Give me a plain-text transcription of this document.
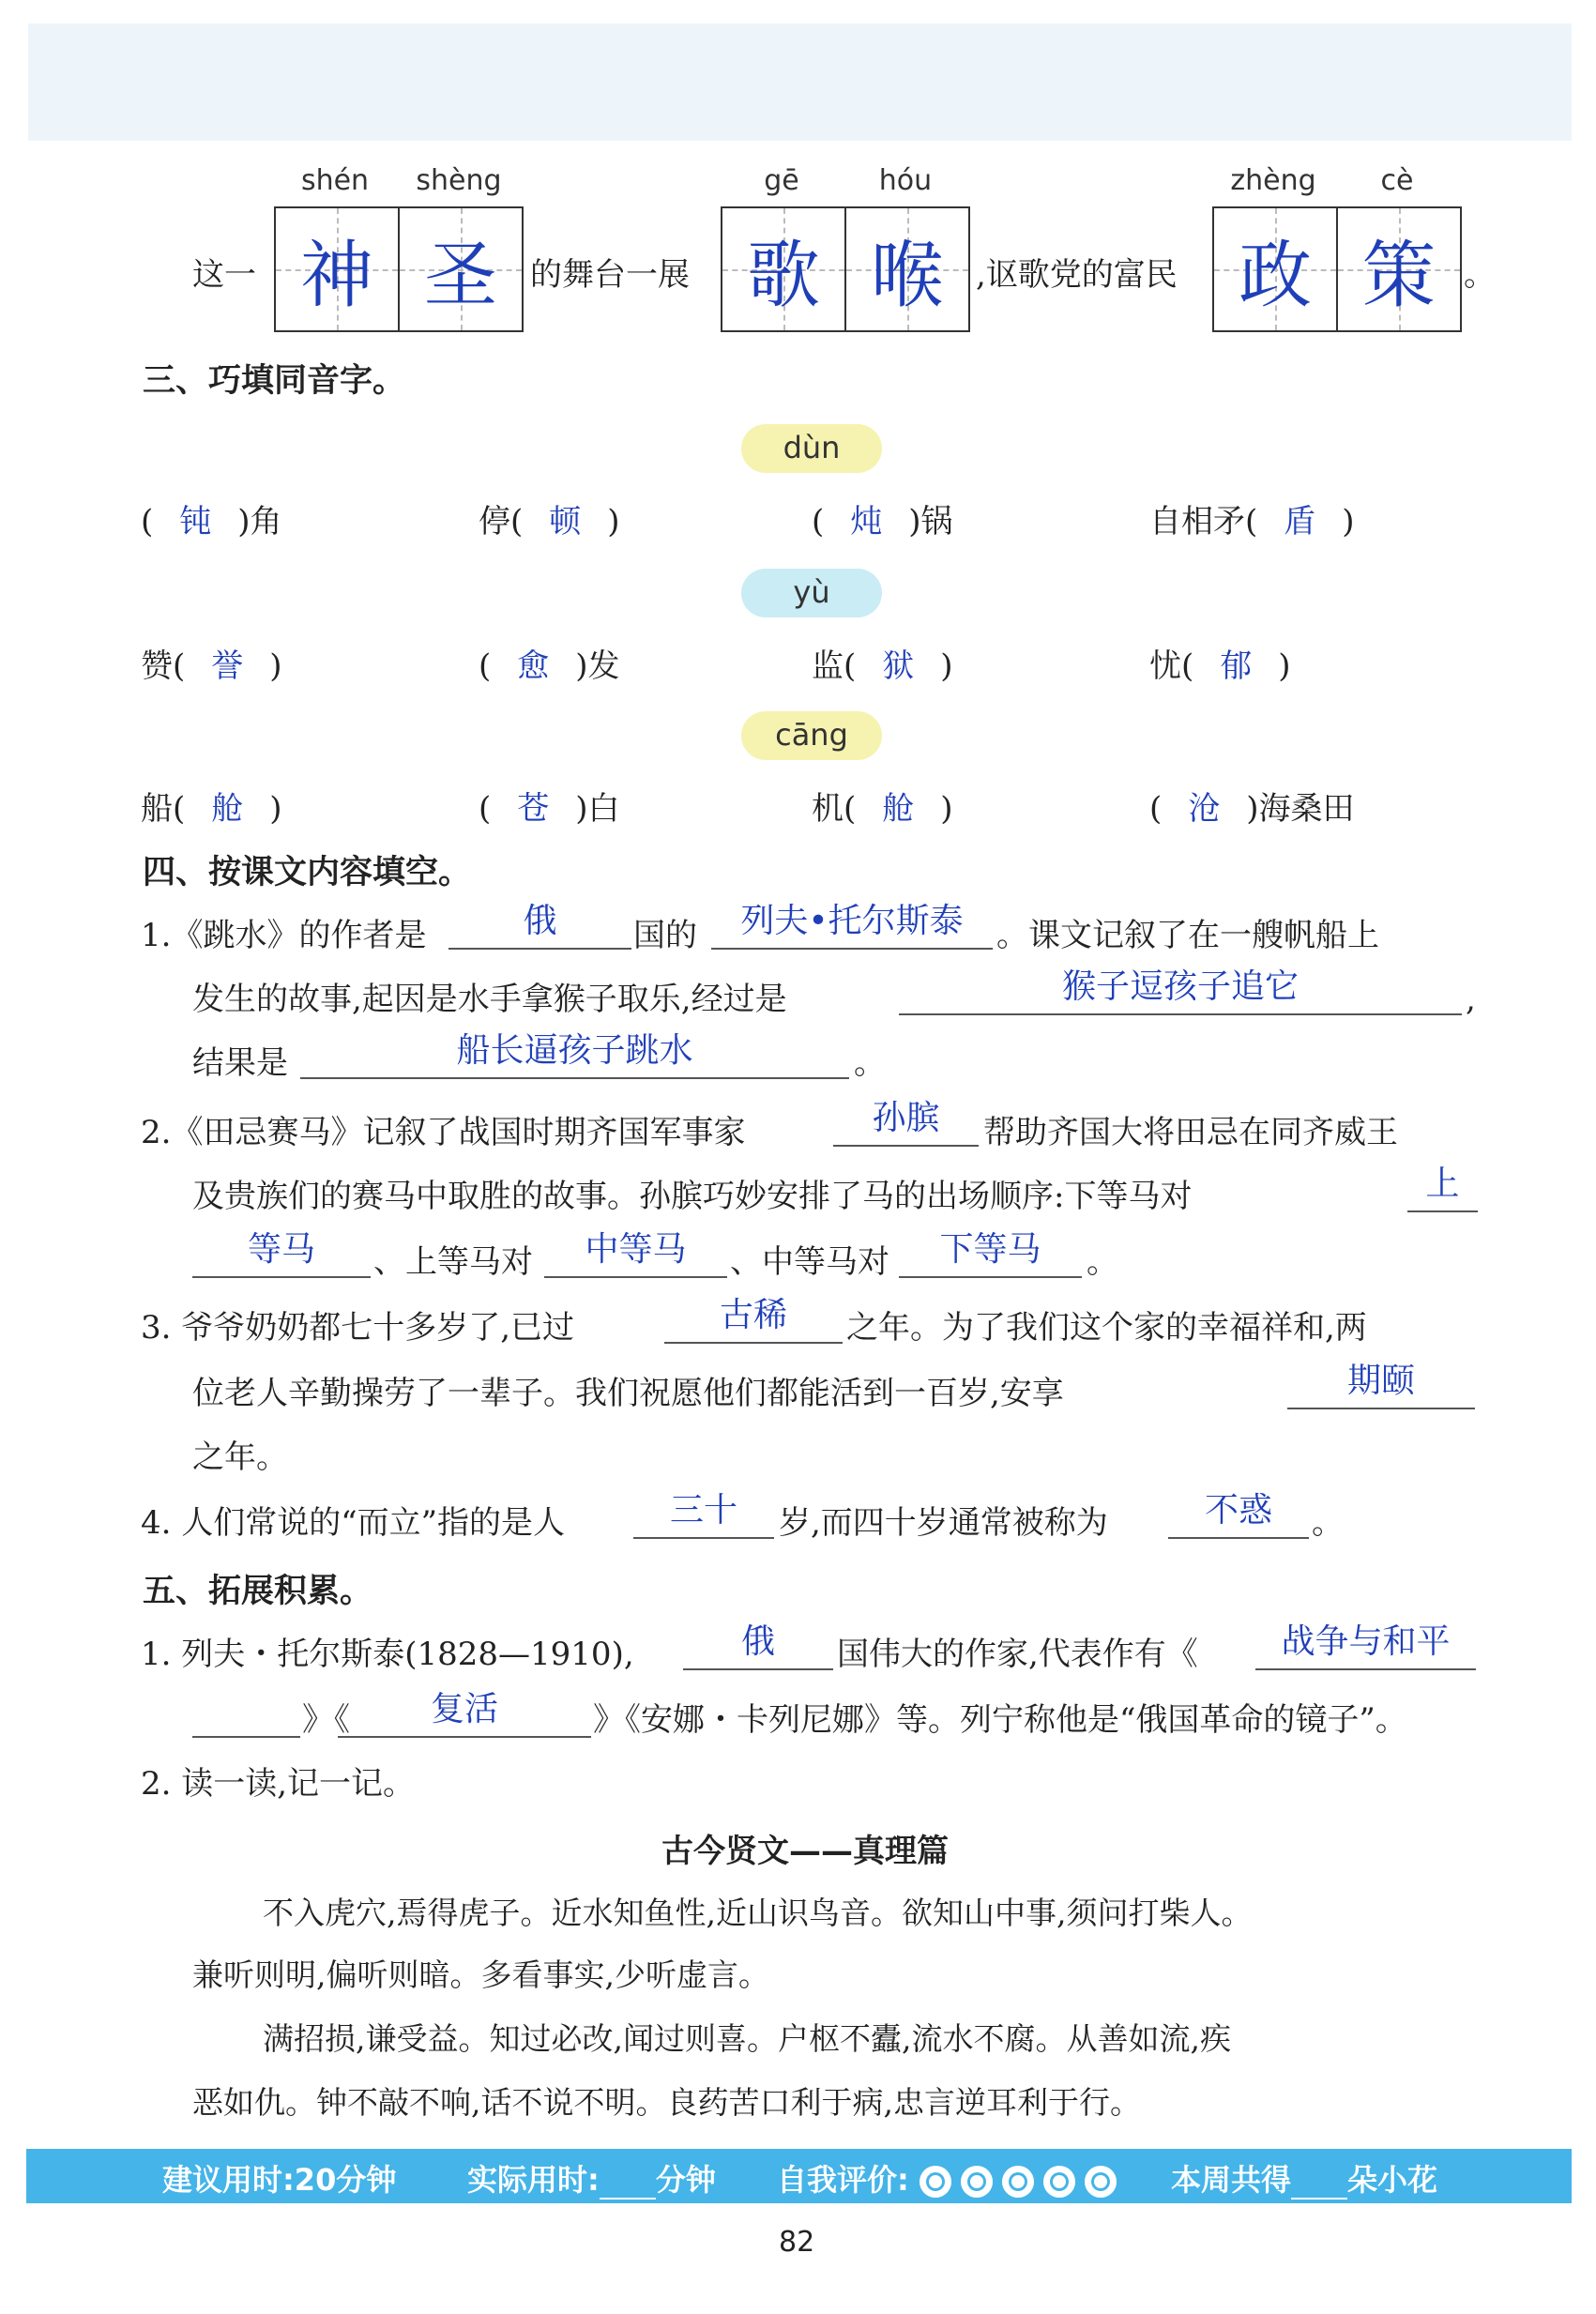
这一
shén	shèng
神 圣 的舞台一展
gē	hóu
歌 喉 ,讴歌党的富民
zhèng	cè
政 策 。
三、巧填同音字。
dùn
yù
cāng
( 钝 )角	停( 顿 )	( 炖 )锅	自相矛( 盾 )
赞( 誉 )	( 愈 )发	监( 狱 )	忧( 郁 )
船( 舱 )	( 苍 )白	机( 舱 )	( 沧 )海桑田
四、按课文内容填空。
1.《跳水》的作者是	俄	国的	列夫•托尔斯泰	。课文记叙了在一艘帆船上
发生的故事,起因是水手拿猴子取乐,经过是	猴子逗孩子追它	,
结果是	船长逼孩子跳水	。
2.《田忌赛马》记叙了战国时期齐国军事家	孙膑	帮助齐国大将田忌在同齐威王
及贵族们的赛马中取胜的故事。孙膑巧妙安排了马的出场顺序:下等马对	上
等马	、上等马对	中等马	、中等马对	下等马	。
3. 爷爷奶奶都七十多岁了,已过	古稀	之年。为了我们这个家的幸福祥和,两
位老人辛勤操劳了一辈子。我们祝愿他们都能活到一百岁,安享	期颐
之年。
4. 人们常说的“而立”指的是人	三十	岁,而四十岁通常被称为	不惑	。
五、拓展积累。
1. 列夫・托尔斯泰(1828—1910),	俄	国伟大的作家,代表作有《	战争与和平
》《	复活	》《安娜・卡列尼娜》等。列宁称他是“俄国革命的镜子”。
2. 读一读,记一记。
古今贤文——真理篇
不入虎穴,焉得虎子。近水知鱼性,近山识鸟音。欲知山中事,须问打柴人。
兼听则明,偏听则暗。多看事实,少听虚言。
满招损,谦受益。知过必改,闻过则喜。户枢不蠹,流水不腐。从善如流,疾
恶如仇。钟不敲不响,话不说不明。良药苦口利于病,忠言逆耳利于行。
建议用时:20分钟 实际用时: 分钟 自我评价:	本周共得 朵小花
82
